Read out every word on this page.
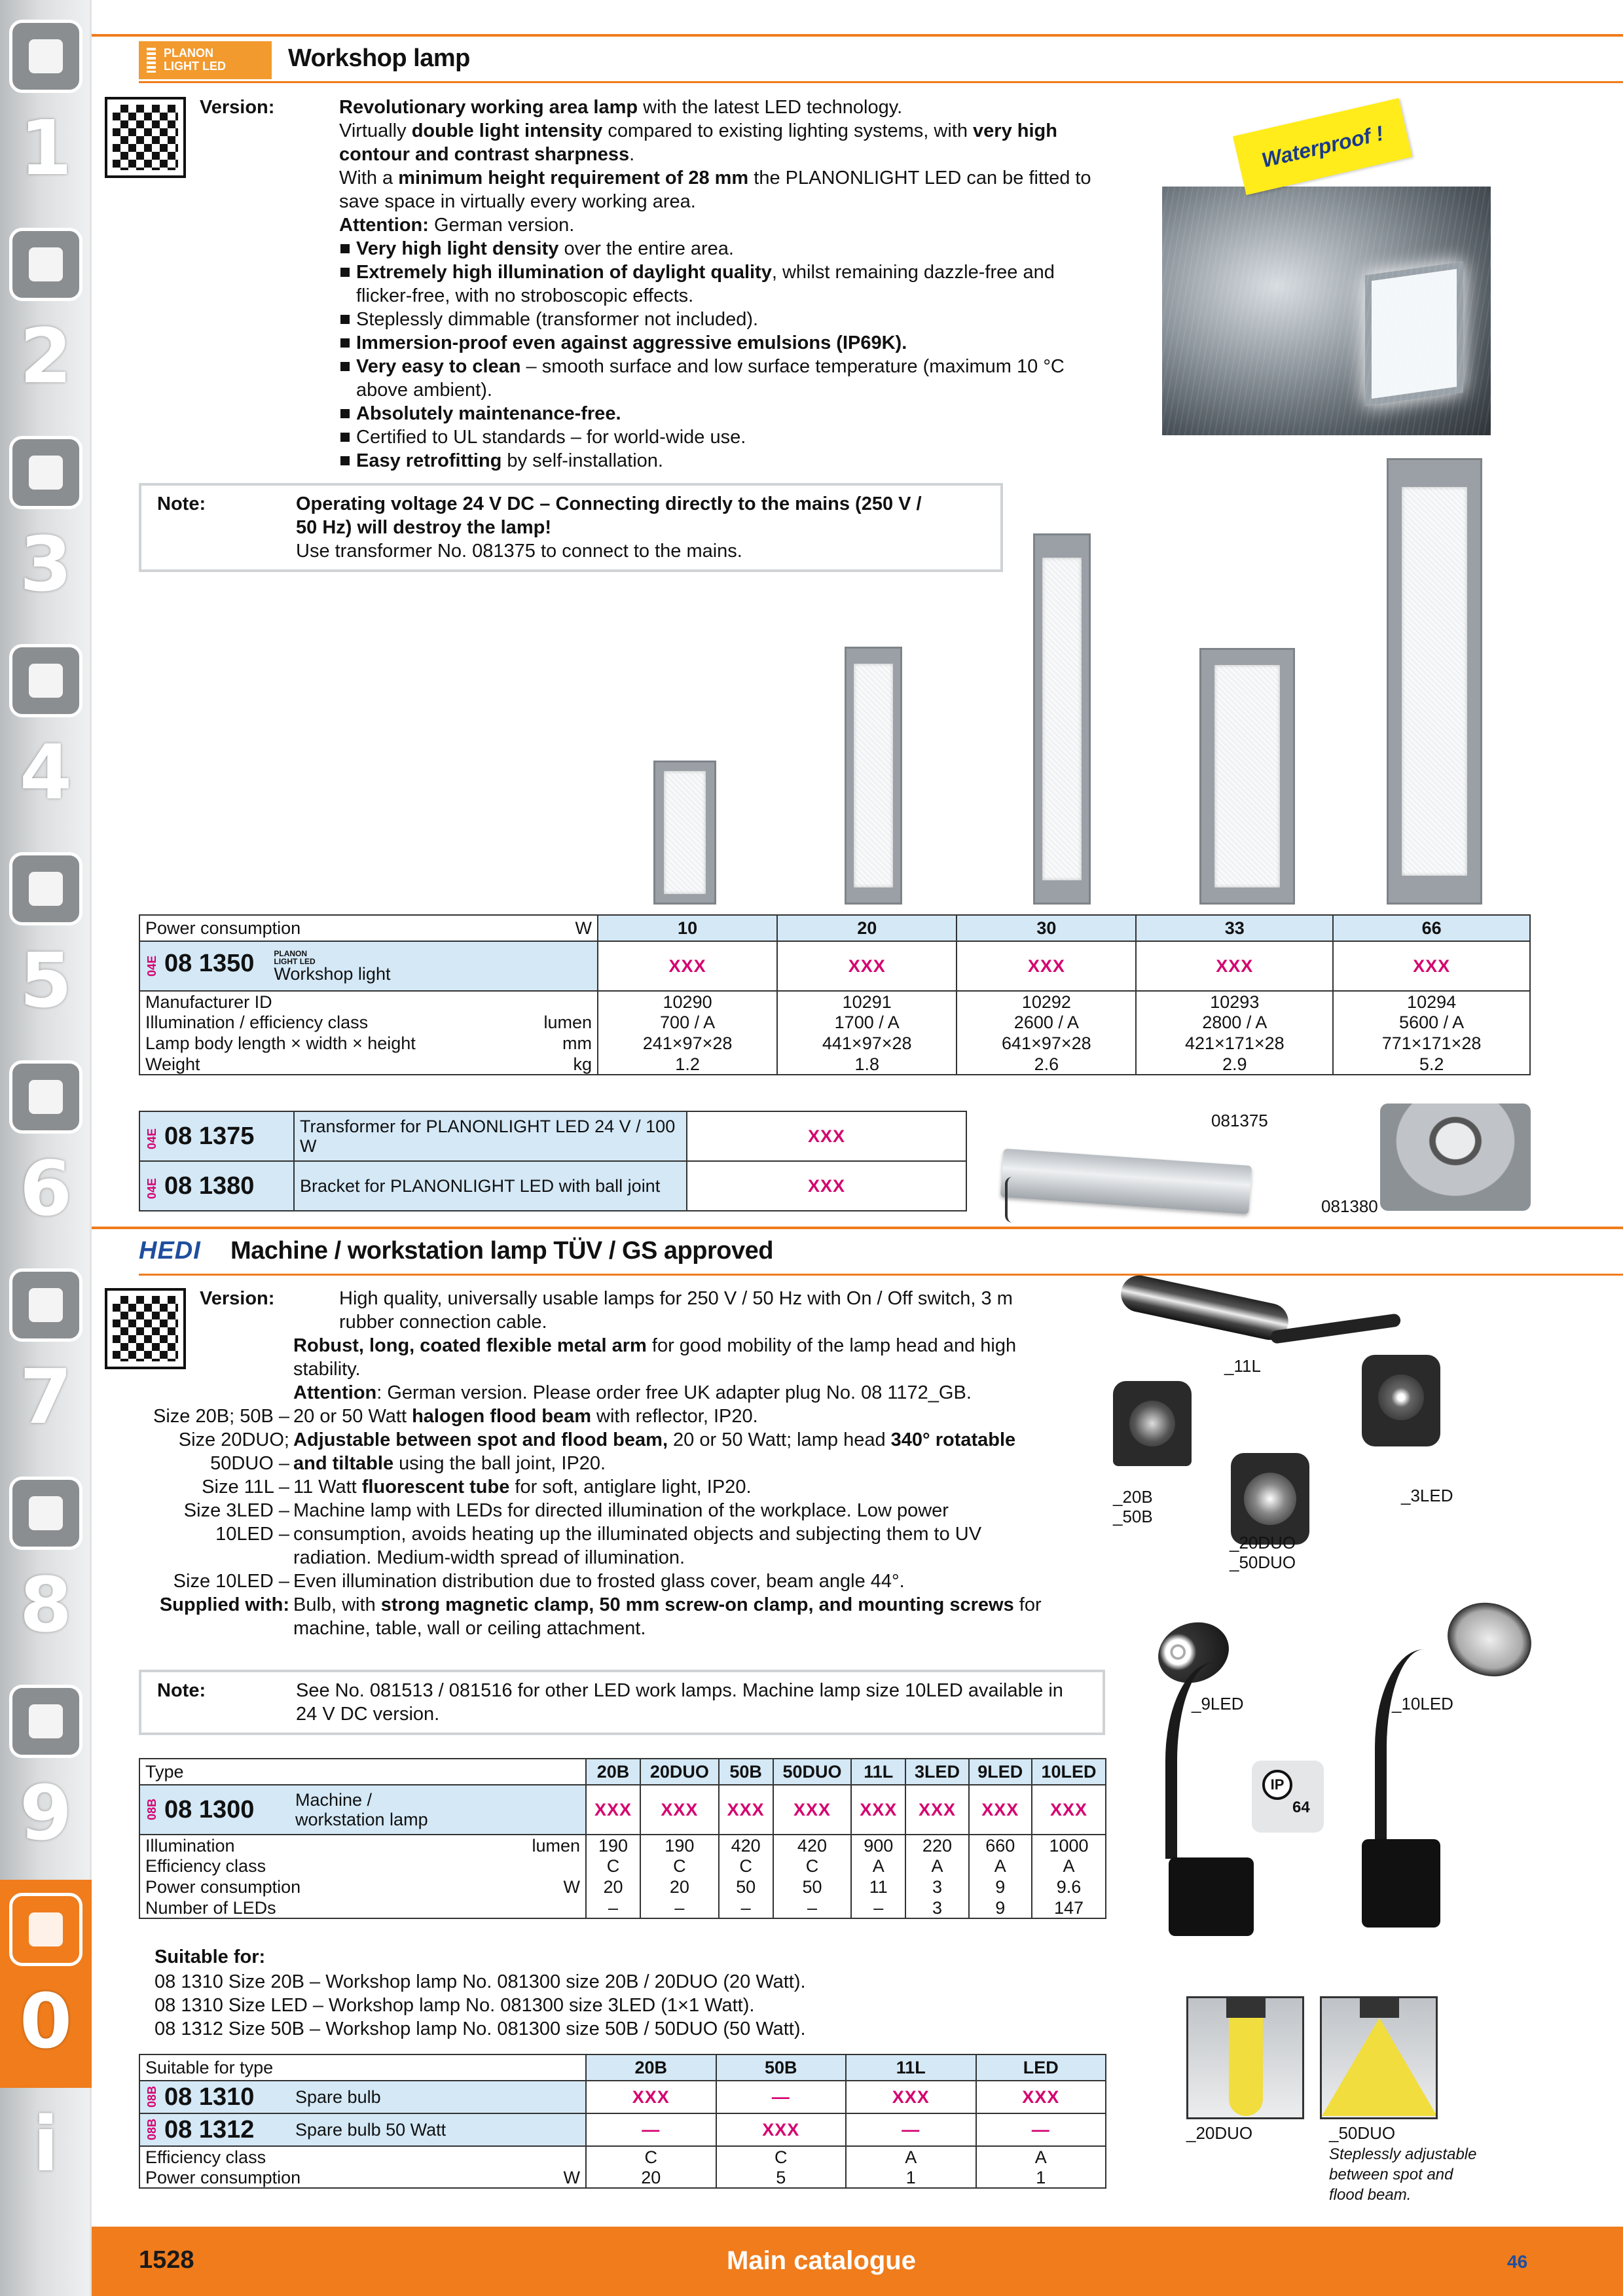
1
2
3
4
5
6
7
8
9
0
i
PLANON
LIGHT LED	Workshop lamp
Version:	Revolutionary working area lamp with the latest LED technology.
Virtually double light intensity compared to existing lighting systems, with very high contour and contrast sharpness.
With a minimum height requirement of 28 mm the PLANONLIGHT LED can be fitted to save space in virtually every working area.
Attention: German version.
Very high light density over the entire area.
Extremely high illumination of daylight quality, whilst remaining dazzle-free and flicker-free, with no stroboscopic effects.
Steplessly dimmable (transformer not included).
Immersion-proof even against aggressive emulsions (IP69K).
Very easy to clean – smooth surface and low surface temperature (maximum 10 °C above ambient).
Absolutely maintenance-free.
Certified to UL standards – for world-wide use.
Easy retrofitting by self-installation.
Waterproof !
Note:	Operating voltage 24 V DC – Connecting directly to the mains (250 V / 50 Hz) will destroy the lamp!
Use transformer No. 081375 to connect to the mains.
Power consumption W	10	20	30	33	66
04E 08 1350 PLANON
LIGHT LED
Workshop light	XXX	XXX	XXX	XXX	XXX
Manufacturer ID	10290	10291	10292	10293	10294
Illumination / efficiency class lumen	700 / A	1700 / A	2600 / A	2800 / A	5600 / A
Lamp body length × width × height mm	241×97×28	441×97×28	641×97×28	421×171×28	771×171×28
Weight kg	1.2	1.8	2.6	2.9	5.2
04E 08 1375	Transformer for PLANONLIGHT LED 24 V / 100 W	XXX
04E 08 1380	Bracket for PLANONLIGHT LED with ball joint	XXX
081375
081380
HEDI Machine / workstation lamp TÜV / GS approved
Version:	High quality, universally usable lamps for 250 V / 50 Hz with On / Off switch, 3 m rubber connection cable.
Robust, long, coated flexible metal arm for good mobility of the lamp head and high stability.
Attention: German version. Please order free UK adapter plug No. 08 1172_GB.
Size 20B; 50B – 20 or 50 Watt halogen flood beam with reflector, IP20.
Size 20DUO; 50DUO –
Adjustable between spot and flood beam, 20 or 50 Watt; lamp head 340° rotatable and tiltable using the ball joint, IP20.
Size 11L – 11 Watt fluorescent tube for soft, antiglare light, IP20.
Size 3LED – 10LED –
Machine lamp with LEDs for directed illumination of the workplace. Low power consumption, avoids heating up the illuminated objects and subjecting them to UV radiation. Medium-width spread of illumination.
Size 10LED – Even illumination distribution due to frosted glass cover, beam angle 44°.
Supplied with: Bulb, with strong magnetic clamp, 50 mm screw-on clamp, and mounting screws for machine, table, wall or ceiling attachment.
Note:	See No. 081513 / 081516 for other LED work lamps. Machine lamp size 10LED available in 24 V DC version.
Type	20B	20DUO	50B	50DUO	11L	3LED	9LED	10LED
08B 08 1300 Machine / workstation lamp	XXX	XXX	XXX	XXX	XXX	XXX	XXX	XXX
Illumination lumen	190	190	420	420	900	220	660	1000
Efficiency class	C	C	C	C	A	A	A	A
Power consumption W	20	20	50	50	11	3	9	9.6
Number of LEDs	–	–	–	–	–	3	9	147
Suitable for:
08 1310 Size 20B – Workshop lamp No. 081300 size 20B / 20DUO (20 Watt).
08 1310 Size LED – Workshop lamp No. 081300 size 3LED (1×1 Watt).
08 1312 Size 50B – Workshop lamp No. 081300 size 50B / 50DUO (50 Watt).
Suitable for type	20B	50B	11L	LED
08B 08 1310 Spare bulb	XXX	—	XXX	XXX
08B 08 1312 Spare bulb 50 Watt	—	XXX	—	—
Efficiency class	C	C	A	A
Power consumption W	20	5	1	1
_11L
_20B
_50B
_20DUO
_50DUO
_3LED
_9LED	_10LED
IP
64
_20DUO	_50DUO
Steplessly adjustable between spot and flood beam.
1528	Main catalogue	46
